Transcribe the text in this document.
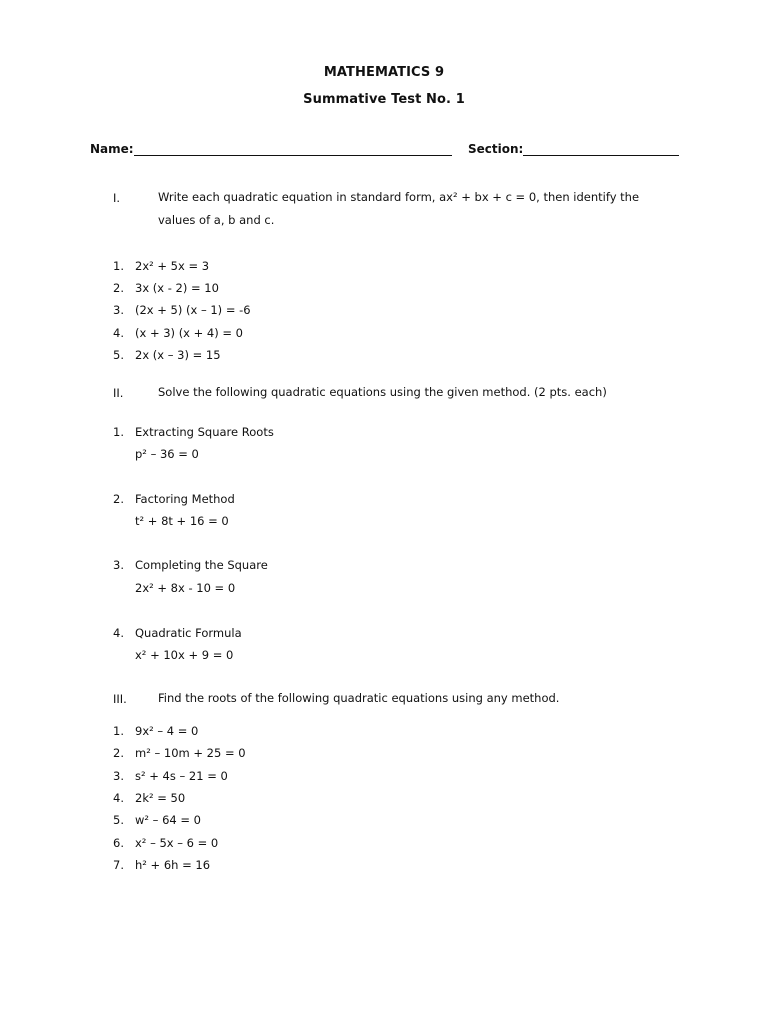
MATHEMATICS 9
Summative Test No. 1
Name:	Section:
I.	Write each quadratic equation in standard form, ax² + bx + c = 0, then identify the values of a, b and c.
1. 2x² + 5x = 3
2. 3x (x - 2) = 10
3. (2x + 5) (x – 1) = -6
4. (x + 3) (x + 4) = 0
5. 2x (x – 3) = 15
II.	Solve the following quadratic equations using the given method. (2 pts. each)
1. Extracting Square Roots
p² – 36 = 0
2. Factoring Method
t² + 8t + 16 = 0
3. Completing the Square
2x² + 8x - 10 = 0
4. Quadratic Formula
x² + 10x + 9 = 0
III.	Find the roots of the following quadratic equations using any method.
1. 9x² – 4 = 0
2. m² – 10m + 25 = 0
3. s² + 4s – 21 = 0
4. 2k² = 50
5. w² – 64 = 0
6. x² – 5x – 6 = 0
7. h² + 6h = 16
